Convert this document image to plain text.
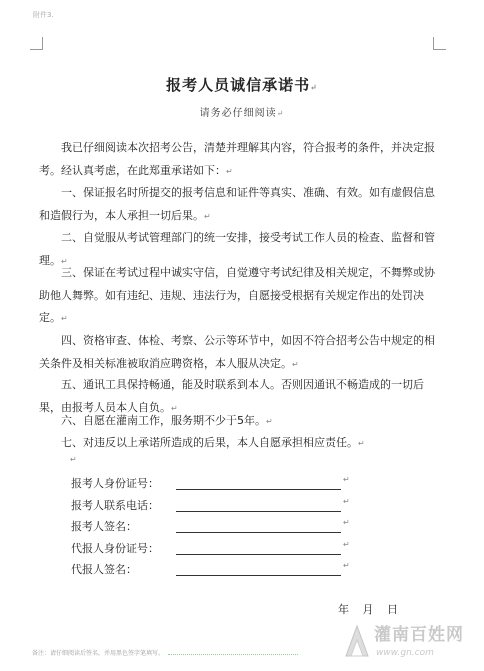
附件3.
报考人员诚信承诺书↵
请务必仔细阅读↵

我已仔细阅读本次招考公告，清楚并理解其内容，符合报考的条件，并决定报考。经认真考虑，在此郑重承诺如下：↵

一、保证报名时所提交的报考信息和证件等真实、准确、有效。如有虚假信息和造假行为，本人承担一切后果。↵

二、自觉服从考试管理部门的统一安排，接受考试工作人员的检查、监督和管理。↵

三、保证在考试过程中诚实守信，自觉遵守考试纪律及相关规定，不舞弊或协助他人舞弊。如有违纪、违规、违法行为，自愿接受根据有关规定作出的处罚决定。↵

四、资格审查、体检、考察、公示等环节中，如因不符合招考公告中规定的相关条件及相关标准被取消应聘资格，本人服从决定。↵

五、通讯工具保持畅通，能及时联系到本人。否则因通讯不畅造成的一切后果，由报考人员本人自负。↵

六、自愿在灌南工作，服务期不少于5年。↵

七、对违反以上承诺所造成的后果，本人自愿承担相应责任。↵

↵
报考人身份证号：	↵
报考人联系电话：	↵
报考人签名：	↵
代报人身份证号：	↵
代报人签名：	↵
年 月 日
备注：请仔细阅读后签名，并用黑色签字笔填写。
灌南百姓网
www.gn.com
